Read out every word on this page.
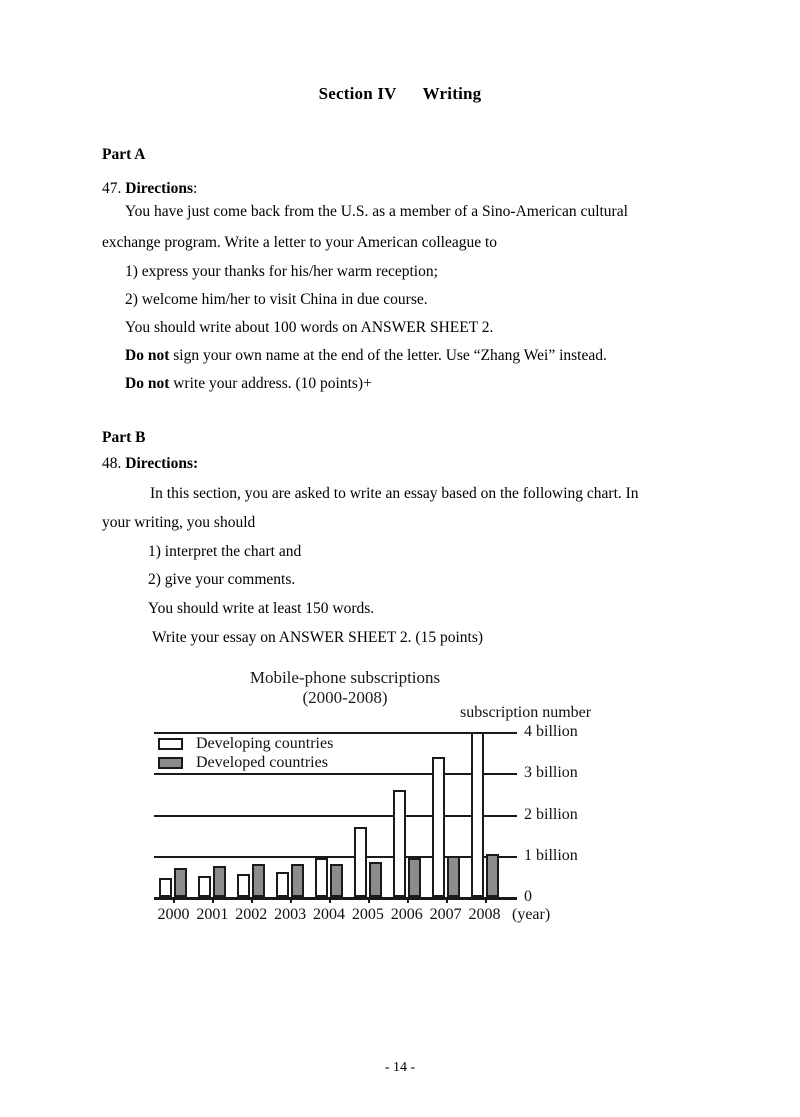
Section IV Writing
Part A
47. Directions:
You have just come back from the U.S. as a member of a Sino-American cultural
exchange program. Write a letter to your American colleague to
1) express your thanks for his/her warm reception;
2) welcome him/her to visit China in due course.
You should write about 100 words on ANSWER SHEET 2.
Do not sign your own name at the end of the letter. Use “Zhang Wei” instead.
Do not write your address. (10 points)+
Part B
48. Directions:
In this section, you are asked to write an essay based on the following chart. In
your writing, you should
1) interpret the chart and
2) give your comments.
You should write at least 150 words.
Write your essay on ANSWER SHEET 2. (15 points)
Mobile-phone subscriptions
(2000-2008)
subscription number
0
1 billion
2 billion
3 billion
4 billion
Developing countries
Developed countries
(year)
2000 2001 2002 2003 2004 2005 2006 2007 2008
- 14 -
